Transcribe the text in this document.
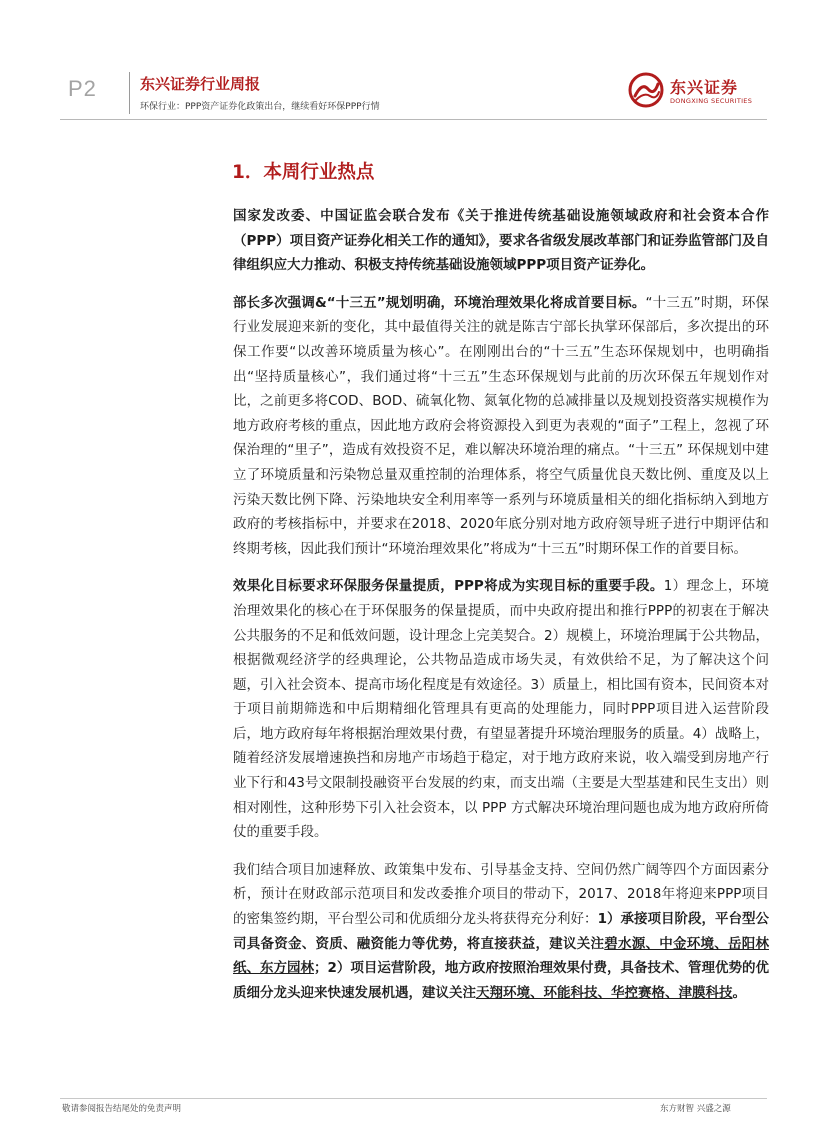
P2	东兴证券行业周报
环保行业：PPP资产证券化政策出台，继续看好环保PPP行情
东兴证券
DONGXING SECURITIES
1．本周行业热点

国家发改委、中国证监会联合发布《关于推进传统基础设施领域政府和社会资本合作（PPP）项目资产证券化相关工作的通知》，要求各省级发展改革部门和证券监管部门及自律组织应大力推动、积极支持传统基础设施领域PPP项目资产证券化。

部长多次强调&“十三五”规划明确，环境治理效果化将成首要目标。“十三五”时期，环保行业发展迎来新的变化，其中最值得关注的就是陈吉宁部长执掌环保部后，多次提出的环保工作要“以改善环境质量为核心”。在刚刚出台的“十三五”生态环保规划中，也明确指出“坚持质量核心”，我们通过将“十三五”生态环保规划与此前的历次环保五年规划作对比，之前更多将COD、BOD、硫氧化物、氮氧化物的总减排量以及规划投资落实规模作为地方政府考核的重点，因此地方政府会将资源投入到更为表观的“面子”工程上，忽视了环保治理的“里子”，造成有效投资不足，难以解决环境治理的痛点。“十三五” 环保规划中建立了环境质量和污染物总量双重控制的治理体系，将空气质量优良天数比例、重度及以上污染天数比例下降、污染地块安全利用率等一系列与环境质量相关的细化指标纳入到地方政府的考核指标中，并要求在2018、2020年底分别对地方政府领导班子进行中期评估和终期考核，因此我们预计“环境治理效果化”将成为“十三五”时期环保工作的首要目标。

效果化目标要求环保服务保量提质，PPP将成为实现目标的重要手段。1）理念上，环境治理效果化的核心在于环保服务的保量提质，而中央政府提出和推行PPP的初衷在于解决公共服务的不足和低效问题，设计理念上完美契合。2）规模上，环境治理属于公共物品，根据微观经济学的经典理论，公共物品造成市场失灵，有效供给不足，为了解决这个问题，引入社会资本、提高市场化程度是有效途径。3）质量上，相比国有资本，民间资本对于项目前期筛选和中后期精细化管理具有更高的处理能力，同时PPP项目进入运营阶段后，地方政府每年将根据治理效果付费，有望显著提升环境治理服务的质量。4）战略上，随着经济发展增速换挡和房地产市场趋于稳定，对于地方政府来说，收入端受到房地产行业下行和43号文限制投融资平台发展的约束，而支出端（主要是大型基建和民生支出）则相对刚性，这种形势下引入社会资本，以 PPP 方式解决环境治理问题也成为地方政府所倚仗的重要手段。

我们结合项目加速释放、政策集中发布、引导基金支持、空间仍然广阔等四个方面因素分析，预计在财政部示范项目和发改委推介项目的带动下，2017、2018年将迎来PPP项目的密集签约期，平台型公司和优质细分龙头将获得充分利好：1）承接项目阶段，平台型公司具备资金、资质、融资能力等优势，将直接获益，建议关注碧水源、中金环境、岳阳林纸、东方园林；2）项目运营阶段，地方政府按照治理效果付费，具备技术、管理优势的优质细分龙头迎来快速发展机遇，建议关注天翔环境、环能科技、华控赛格、津膜科技。

敬请参阅报告结尾处的免责声明	东方财智 兴盛之源
